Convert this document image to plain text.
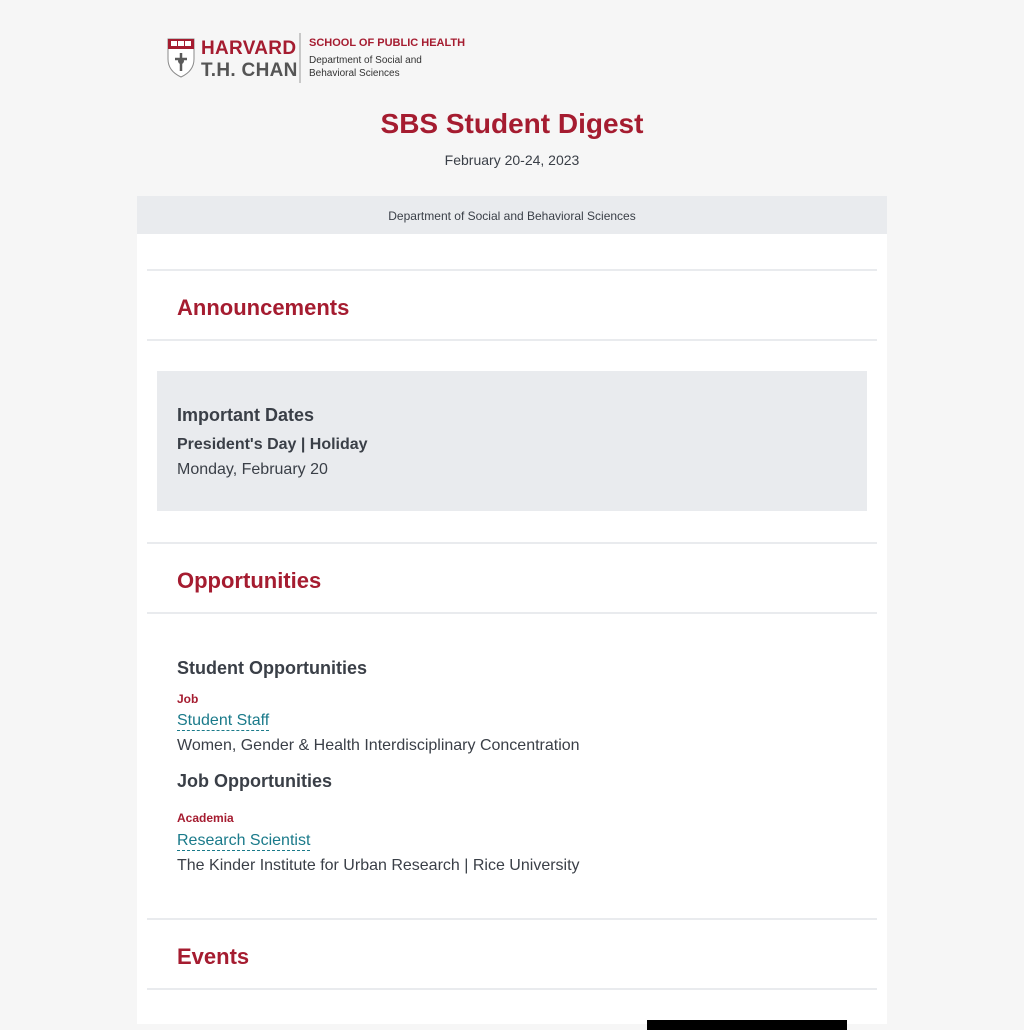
HARVARD
T.H. CHAN
SCHOOL OF PUBLIC HEALTH
Department of Social and
Behavioral Sciences
SBS Student Digest
February 20-24, 2023
Department of Social and Behavioral Sciences
Announcements
Important Dates
President's Day | Holiday
Monday, February 20
Opportunities
Student Opportunities
Job
Student Staff
Women, Gender & Health Interdisciplinary Concentration
Job Opportunities
Academia
Research Scientist
The Kinder Institute for Urban Research | Rice University
Events
